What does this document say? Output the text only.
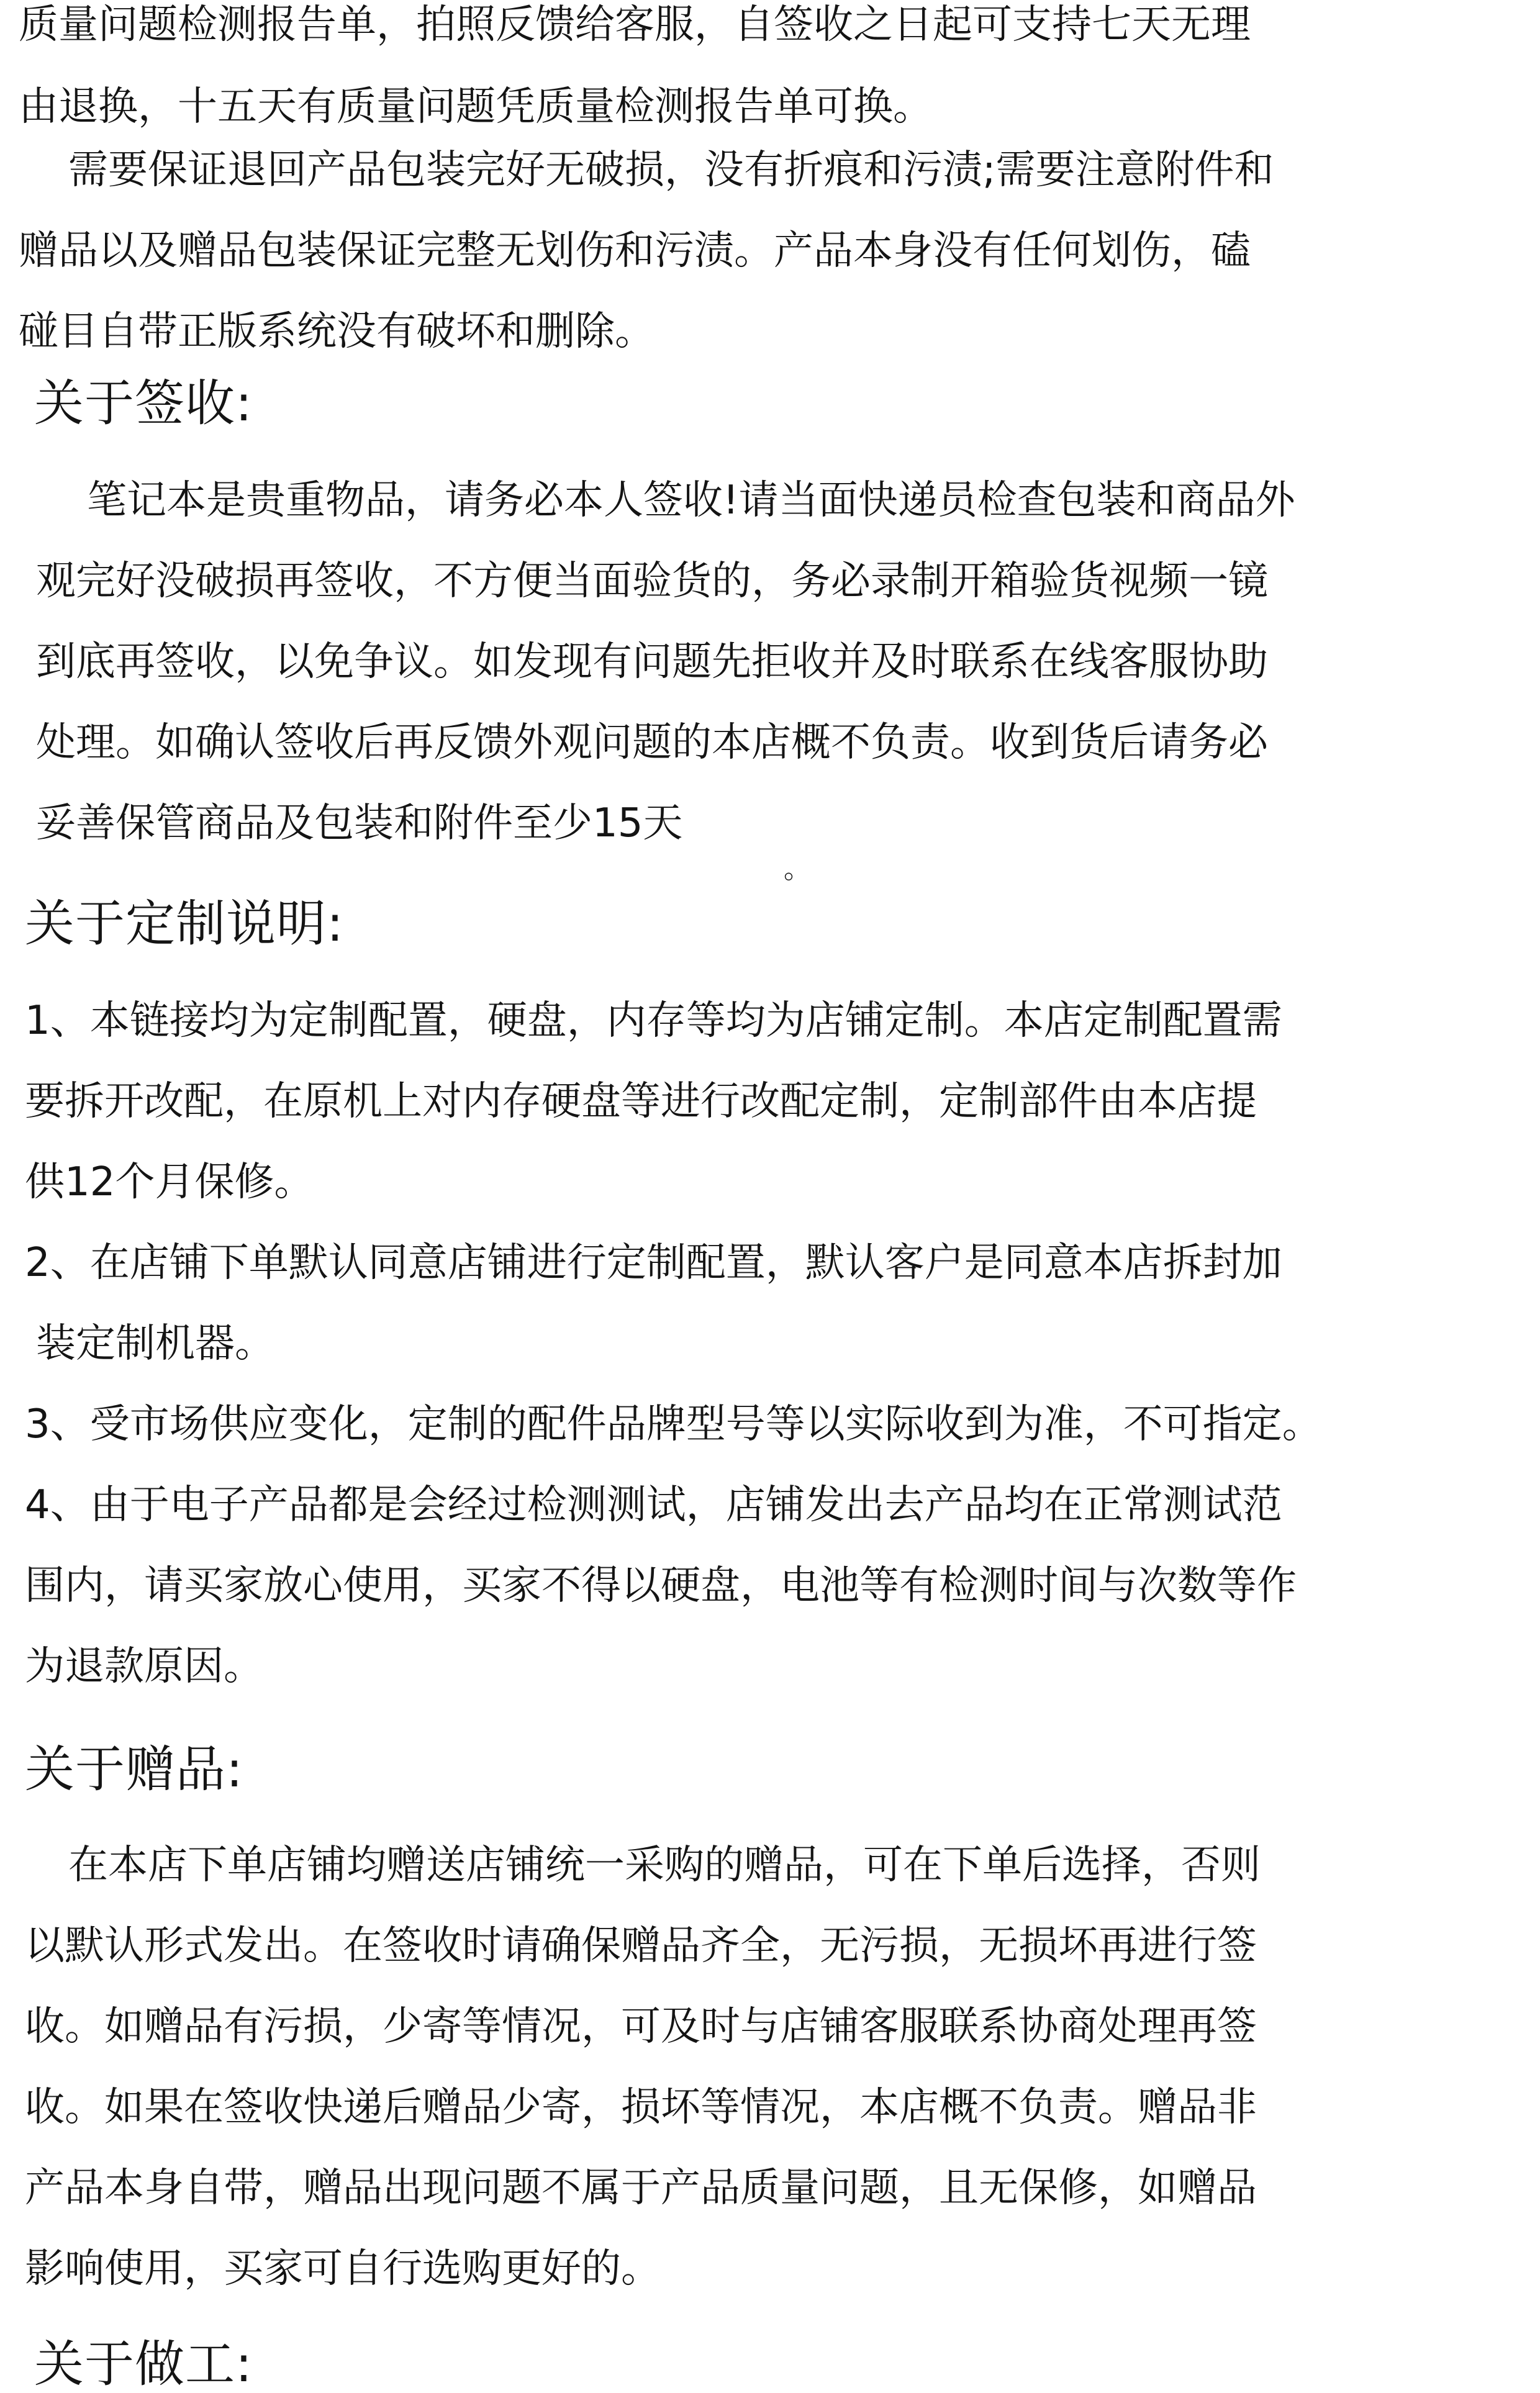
质量问题检测报告单，拍照反馈给客服，自签收之日起可支持七天无理

由退换，十五天有质量问题凭质量检测报告单可换。

需要保证退回产品包装完好无破损，没有折痕和污渍;需要注意附件和

赠品以及赠品包装保证完整无划伤和污渍。产品本身没有任何划伤，磕

碰目自带正版系统没有破坏和删除。

关于签收:

笔记本是贵重物品，请务必本人签收!请当面快递员检查包装和商品外

观完好没破损再签收，不方便当面验货的，务必录制开箱验货视频一镜

到底再签收，以免争议。如发现有问题先拒收并及时联系在线客服协助

处理。如确认签收后再反馈外观问题的本店概不负责。收到货后请务必

妥善保管商品及包装和附件至少15天

。
关于定制说明:

1、本链接均为定制配置，硬盘，内存等均为店铺定制。本店定制配置需

要拆开改配，在原机上对内存硬盘等进行改配定制，定制部件由本店提

供12个月保修。

2、在店铺下单默认同意店铺进行定制配置，默认客户是同意本店拆封加

装定制机器。

3、受市场供应变化，定制的配件品牌型号等以实际收到为准，不可指定。

4、由于电子产品都是会经过检测测试，店铺发出去产品均在正常测试范

围内，请买家放心使用，买家不得以硬盘，电池等有检测时间与次数等作

为退款原因。

关于赠品:

在本店下单店铺均赠送店铺统一采购的赠品，可在下单后选择，否则

以默认形式发出。在签收时请确保赠品齐全，无污损，无损坏再进行签

收。如赠品有污损，少寄等情况，可及时与店铺客服联系协商处理再签

收。如果在签收快递后赠品少寄，损坏等情况，本店概不负责。赠品非

产品本身自带，赠品出现问题不属于产品质量问题，且无保修，如赠品

影响使用，买家可自行选购更好的。

关于做工:
